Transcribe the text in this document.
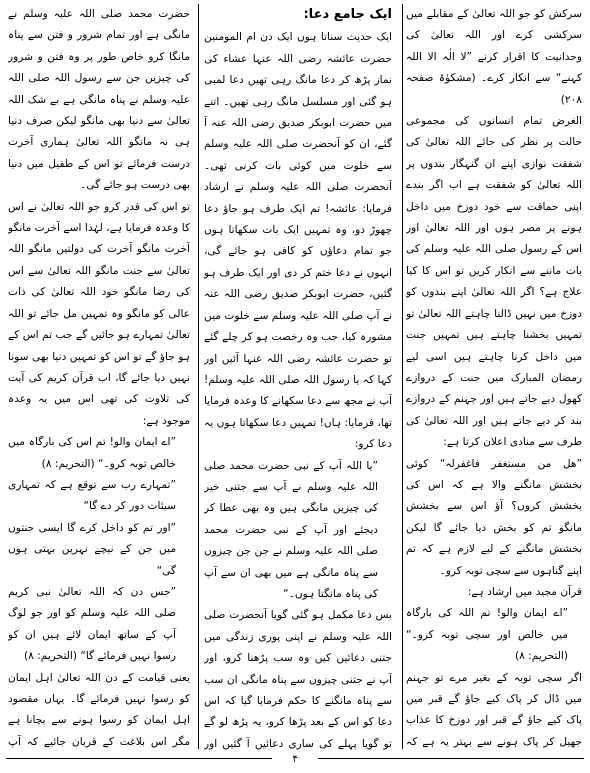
سرکش کو جو اللہ تعالیٰ کے مقابلے میں سرکشی کرے اور اللہ تعالیٰ کی وحدانیت کا اقرار کرنے ”لا الٰہ الا اللہ کہنے“ سے انکار کرے۔ (مشکوٰۃ صفحہ ۲۰۸)

الغرض تمام انسانوں کی مجموعی حالت پر نظر کی جائے اللہ تعالیٰ کی شفقت نوازی اپنے ان گنہگار بندوں پر اللہ تعالیٰ کو شفقت ہے اب اگر بندے اپنی حماقت سے خود دوزخ میں داخل ہونے پر مصر ہوں اور اللہ تعالیٰ اور اس کے رسول صلی اللہ علیہ وسلم کی بات ماننے سے انکار کریں تو اس کا کیا علاج ہے؟ اگر اللہ تعالیٰ اپنے بندوں کو دوزخ میں نہیں ڈالنا چاہتے اللہ تعالیٰ تو تمہیں بخشنا چاہتے ہیں تمہیں جنت میں داخل کرنا چاہتے ہیں اسی لیے رمضان المبارک میں جنت کے دروازے کھول دیے جاتے ہیں اور جہنم کے دروازے بند کر دیے جاتے ہیں اور اللہ تعالیٰ کی طرف سے منادی اعلان کرتا ہے:

”ھل من مستغفر فاغفرلہ“ کوئی بخشش مانگنے والا ہے کہ اس کی بخشش کروں؟ آؤ اس سے بخشش مانگو تم کو بخش دیا جائے گا لیکن بخشش مانگنے کے لیے لازم ہے کہ تم اپنے گناہوں سے سچی توبہ کرو۔

قرآن مجید میں ارشاد ہے:

”اے ایمان والو! تم اللہ کی بارگاہ میں خالص اور سچی توبہ کرو۔“ (التحریم: ۸)

اگر سچی توبہ کے بغیر مرے تو جہنم میں ڈال کر پاک کیے جاؤ گے قبر میں پاک کیے جاؤ گے قبر اور دوزخ کا عذاب جھیل کر پاک ہونے سے بہتر یہ ہے کہ

ایک جامع دعا:

ایک حدیث سناتا ہوں ایک دن ام المومنین حضرت عائشہ رضی اللہ عنہا عشاء کی نماز پڑھ کر دعا مانگ رہی تھیں دعا لمبی ہو گئی اور مسلسل مانگ رہی تھیں۔ اتنے میں حضرت ابوبکر صدیق رضی اللہ عنہ آ گئے، ان کو آنحضرت صلی اللہ علیہ وسلم سے خلوت میں کوئی بات کرنی تھی۔ آنحضرت صلی اللہ علیہ وسلم نے ارشاد فرمایا: عائشہ! تم ایک طرف ہو جاؤ دعا چھوڑ دو، وہ تمہیں ایک بات سکھاتا ہوں جو تمام دعاؤں کو کافی ہو جائے گی، انہوں نے دعا ختم کر دی اور ایک طرف ہو گئیں، حضرت ابوبکر صدیق رضی اللہ عنہ نے آپ صلی اللہ علیہ وسلم سے خلوت میں مشورہ کیا، جب وہ رخصت ہو کر چلے گئے تو حضرت عائشہ رضی اللہ عنہا آئیں اور کہا کہ یا رسول اللہ صلی اللہ علیہ وسلم! آپ نے مجھ سے دعا سکھانے کا وعدہ فرمایا تھا، فرمایا: ہاں! تمہیں دعا سکھاتا ہوں یہ دعا کرو:

”یا اللہ آپ کے نبی حضرت محمد صلی اللہ علیہ وسلم نے آپ سے جتنی خیر کی چیزیں مانگی ہیں وہ بھی عطا کر دیجئے اور آپ کے نبی حضرت محمد صلی اللہ علیہ وسلم نے جن جن چیزوں سے پناہ مانگی ہے میں بھی ان سے آپ کی پناہ مانگتا ہوں۔“

بس دعا مکمل ہو گئی گویا آنحضرت صلی اللہ علیہ وسلم نے اپنی پوری زندگی میں جتنی دعائیں کیں وہ سب پڑھنا کرو، اور آپ نے جتنی چیزوں سے پناہ مانگی ان سب سے پناہ مانگنے کا حکم فرمایا گیا کہ اس دعا کو اس کے بعد پڑھا کرو، یہ پڑھ لو گے تو گویا پہلے کی ساری دعائیں آ گئیں اور

حضرت محمد صلی اللہ علیہ وسلم نے مانگی ہے اور تمام شرور و فتن سے پناہ مانگا کرو خاص طور پر وہ فتن و شرور کی چیزیں جن سے رسول اللہ صلی اللہ علیہ وسلم نے پناہ مانگی ہے بے شک اللہ تعالیٰ سے دنیا بھی مانگو لیکن صرف دنیا ہی نہ مانگو اللہ تعالیٰ ہماری آخرت درست فرمائے تو اس کے طفیل میں دنیا بھی درست ہو جائے گی۔

تو اس کی قدر کرو جو اللہ تعالیٰ نے اس کا وعدہ فرمایا ہے، لہٰذا اسے آخرت مانگو آخرت مانگو آخرت کی دولتیں مانگو اللہ تعالیٰ سے جنت مانگو اللہ تعالیٰ سے اس کی رضا مانگو خود اللہ تعالیٰ کی ذات عالی کو مانگو وہ تمہیں مل جائے تو اللہ تعالیٰ تمہارے ہو جائیں گے جب تم اس کے ہو جاؤ گے تو اس کو تمہیں دنیا بھی سونا نہیں دیا جائے گا، اب قرآن کریم کی آیت کی تلاوت کی تھی اس میں یہ وعدہ موجود ہے:

”اے ایمان والو! تم اس کی بارگاہ میں خالص توبہ کرو۔“ (التحریم: ۸)

”تمہارے رب سے توقع ہے کہ تمہاری سیئات دور کر دے گا“

”اور تم کو داخل کرے گا ایسی جنتوں میں جن کے نیچے نہریں بہتی ہوں گی“

”جس دن کہ اللہ تعالیٰ نبی کریم صلی اللہ علیہ وسلم کو اور جو لوگ آپ کے ساتھ ایمان لائے ہیں ان کو رسوا نہیں فرمائے گا“ (التحریم: ۸)

یعنی قیامت کے دن اللہ تعالیٰ اہل ایمان کو رسوا نہیں فرمائے گا۔ یہاں مقصود اہل ایمان کو رسوا ہونے سے بچانا ہے مگر اس بلاغت کے قربان جائیے کہ آپ

۴
